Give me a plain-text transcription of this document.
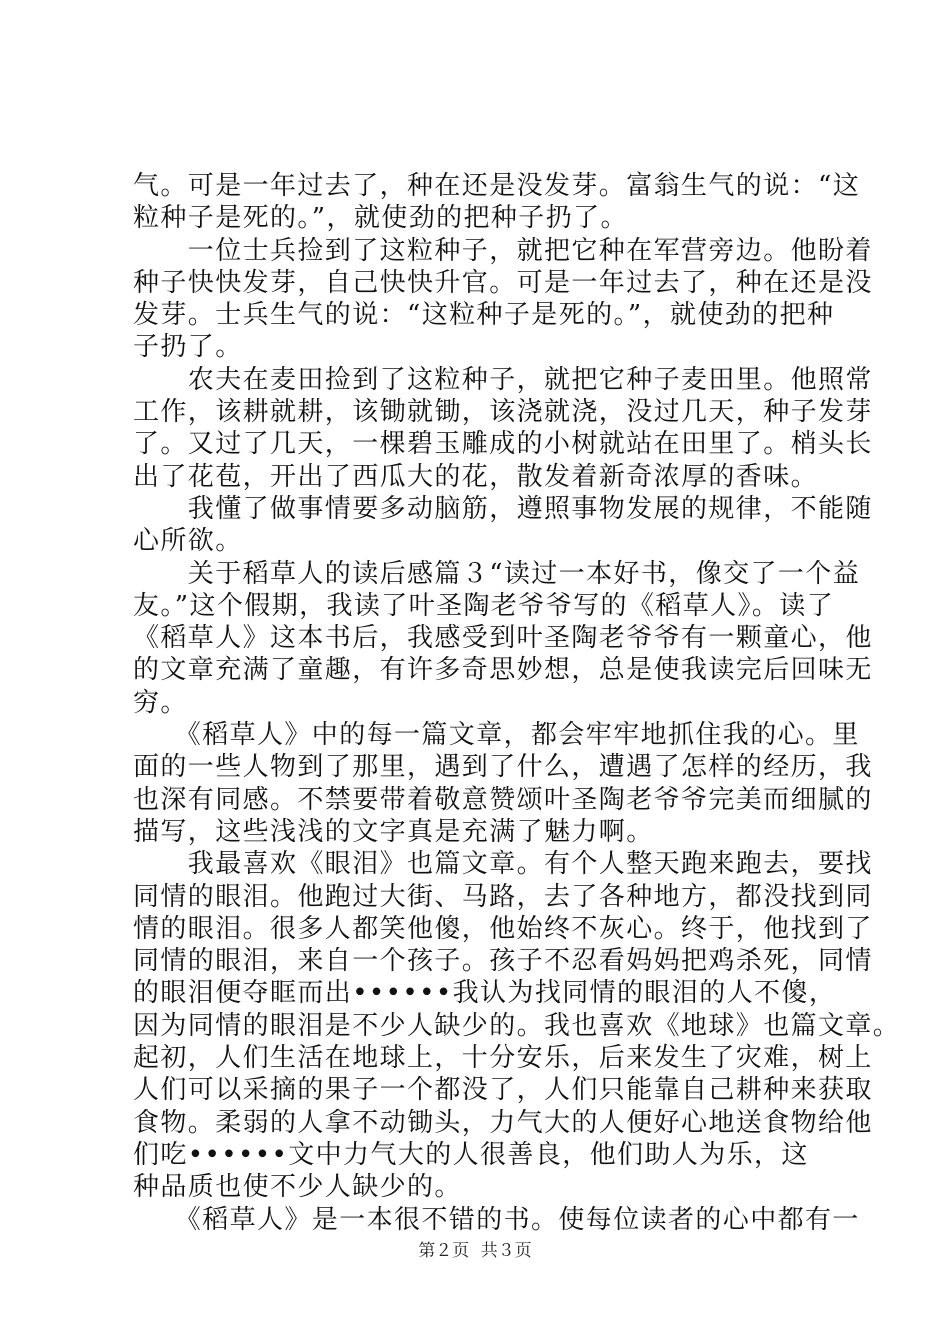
气。可是一年过去了，种在还是没发芽。富翁生气的说：“这
粒种子是死的。”，就使劲的把种子扔了。
　　一位士兵捡到了这粒种子，就把它种在军营旁边。他盼着
种子快快发芽，自己快快升官。可是一年过去了，种在还是没
发芽。士兵生气的说：“这粒种子是死的。”，就使劲的把种
子扔了。
　　农夫在麦田捡到了这粒种子，就把它种子麦田里。他照常
工作，该耕就耕，该锄就锄，该浇就浇，没过几天，种子发芽
了。又过了几天，一棵碧玉雕成的小树就站在田里了。梢头长
出了花苞，开出了西瓜大的花，散发着新奇浓厚的香味。
　　我懂了做事情要多动脑筋，遵照事物发展的规律，不能随
心所欲。
　　关于稻草人的读后感篇３“读过一本好书，像交了一个益
友。”这个假期，我读了叶圣陶老爷爷写的《稻草人》。读了
《稻草人》这本书后，我感受到叶圣陶老爷爷有一颗童心，他
的文章充满了童趣，有许多奇思妙想，总是使我读完后回味无
穷。
　　《稻草人》中的每一篇文章，都会牢牢地抓住我的心。里
面的一些人物到了那里，遇到了什么，遭遇了怎样的经历，我
也深有同感。不禁要带着敬意赞颂叶圣陶老爷爷完美而细腻的
描写，这些浅浅的文字真是充满了魅力啊。
　　我最喜欢《眼泪》也篇文章。有个人整天跑来跑去，要找
同情的眼泪。他跑过大街、马路，去了各种地方，都没找到同
情的眼泪。很多人都笑他傻，他始终不灰心。终于，他找到了
同情的眼泪，来自一个孩子。孩子不忍看妈妈把鸡杀死，同情
的眼泪便夺眶而出••••••我认为找同情的眼泪的人不傻，
因为同情的眼泪是不少人缺少的。我也喜欢《地球》也篇文章。
起初，人们生活在地球上，十分安乐，后来发生了灾难，树上
人们可以采摘的果子一个都没了，人们只能靠自己耕种来获取
食物。柔弱的人拿不动锄头，力气大的人便好心地送食物给他
们吃••••••文中力气大的人很善良，他们助人为乐，这
种品质也使不少人缺少的。
　　《稻草人》是一本很不错的书。使每位读者的心中都有一
第２页 共３页
